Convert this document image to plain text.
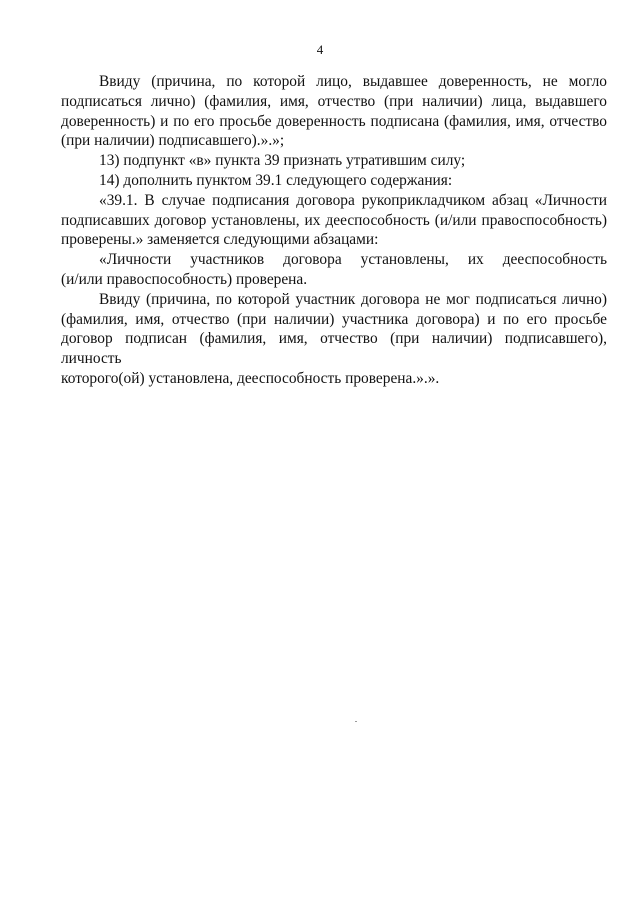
4

Ввиду (причина, по которой лицо, выдавшее доверенность, не могло
подписаться лично) (фамилия, имя, отчество (при наличии) лица, выдавшего
доверенность) и по его просьбе доверенность подписана (фамилия, имя, отчество
(при наличии) подписавшего).».»;

13) подпункт «в» пункта 39 признать утратившим силу;

14) дополнить пунктом 39.1 следующего содержания:

«39.1. В случае подписания договора рукоприкладчиком абзац «Личности
подписавших договор установлены, их дееспособность (и/или правоспособность)
проверены.» заменяется следующими абзацами:

«Личности участников договора установлены, их дееспособность
(и/или правоспособность) проверена.

Ввиду (причина, по которой участник договора не мог подписаться лично)
(фамилия, имя, отчество (при наличии) участника договора) и по его просьбе
договор подписан (фамилия, имя, отчество (при наличии) подписавшего), личность
которого(ой) установлена, дееспособность проверена.».».
